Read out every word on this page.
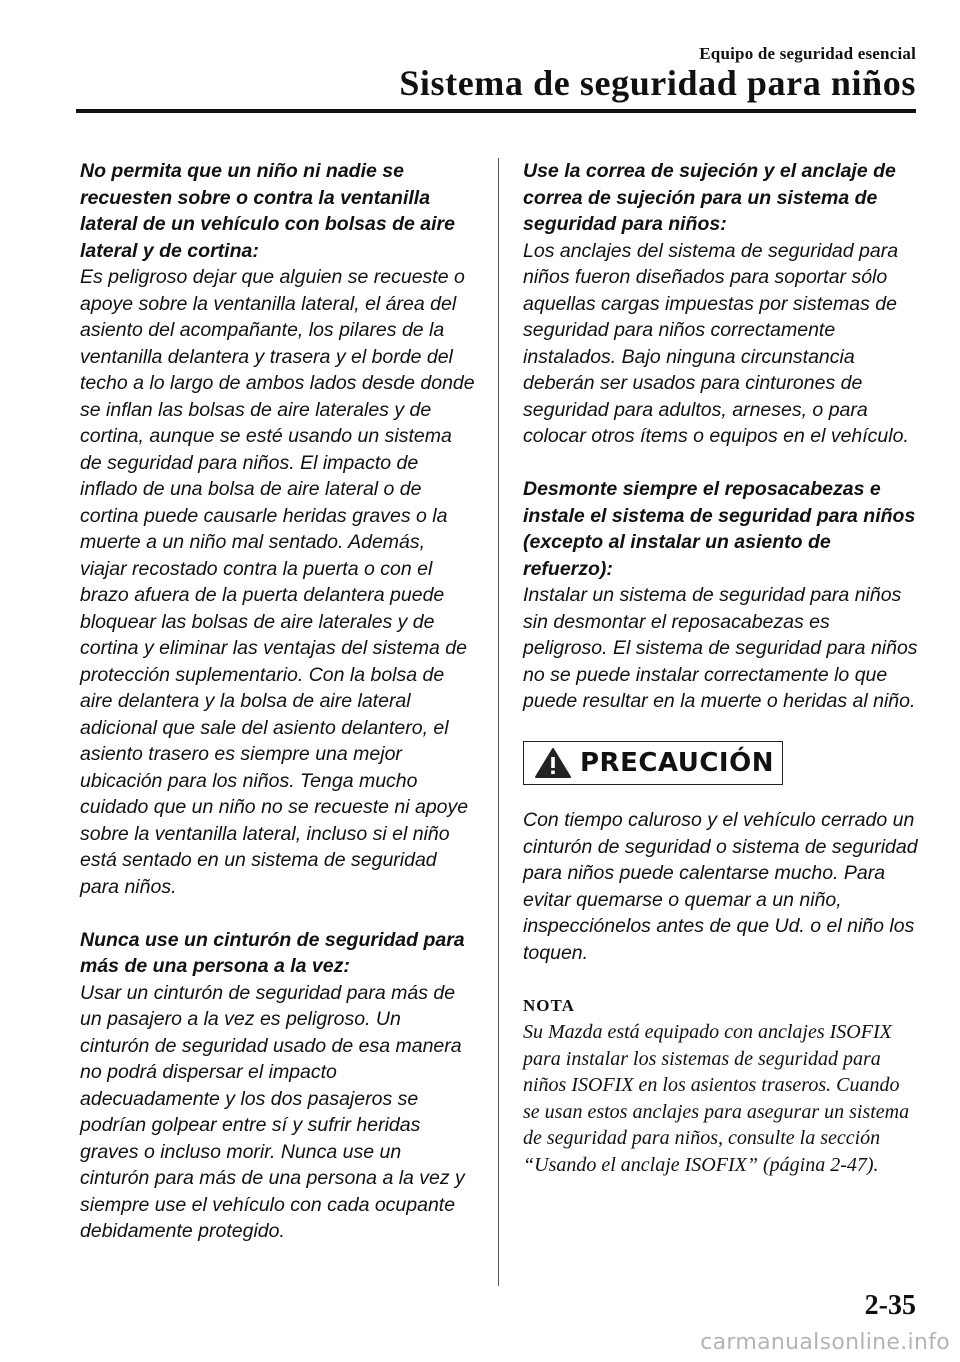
Equipo de seguridad esencial
Sistema de seguridad para niños
No permita que un niño ni nadie se recuesten sobre o contra la ventanilla lateral de un vehículo con bolsas de aire lateral y de cortina:
Es peligroso dejar que alguien se recueste o apoye sobre la ventanilla lateral, el área del asiento del acompañante, los pilares de la ventanilla delantera y trasera y el borde del techo a lo largo de ambos lados desde donde se inflan las bolsas de aire laterales y de cortina, aunque se esté usando un sistema de seguridad para niños. El impacto de inflado de una bolsa de aire lateral o de cortina puede causarle heridas graves o la muerte a un niño mal sentado. Además, viajar recostado contra la puerta o con el brazo afuera de la puerta delantera puede bloquear las bolsas de aire laterales y de cortina y eliminar las ventajas del sistema de protección suplementario. Con la bolsa de aire delantera y la bolsa de aire lateral adicional que sale del asiento delantero, el asiento trasero es siempre una mejor ubicación para los niños. Tenga mucho cuidado que un niño no se recueste ni apoye sobre la ventanilla lateral, incluso si el niño está sentado en un sistema de seguridad para niños.
Nunca use un cinturón de seguridad para más de una persona a la vez:
Usar un cinturón de seguridad para más de un pasajero a la vez es peligroso. Un cinturón de seguridad usado de esa manera no podrá dispersar el impacto adecuadamente y los dos pasajeros se podrían golpear entre sí y sufrir heridas graves o incluso morir. Nunca use un cinturón para más de una persona a la vez y siempre use el vehículo con cada ocupante debidamente protegido.
Use la correa de sujeción y el anclaje de correa de sujeción para un sistema de seguridad para niños:
Los anclajes del sistema de seguridad para niños fueron diseñados para soportar sólo aquellas cargas impuestas por sistemas de seguridad para niños correctamente instalados. Bajo ninguna circunstancia deberán ser usados para cinturones de seguridad para adultos, arneses, o para colocar otros ítems o equipos en el vehículo.
Desmonte siempre el reposacabezas e instale el sistema de seguridad para niños (excepto al instalar un asiento de refuerzo):
Instalar un sistema de seguridad para niños sin desmontar el reposacabezas es peligroso. El sistema de seguridad para niños no se puede instalar correctamente lo que puede resultar en la muerte o heridas al niño.
PRECAUCIÓN
Con tiempo caluroso y el vehículo cerrado un cinturón de seguridad o sistema de seguridad para niños puede calentarse mucho. Para evitar quemarse o quemar a un niño, inspecciónelos antes de que Ud. o el niño los toquen.
NOTA
Su Mazda está equipado con anclajes ISOFIX para instalar los sistemas de seguridad para niños ISOFIX en los asientos traseros. Cuando se usan estos anclajes para asegurar un sistema de seguridad para niños, consulte la sección “Usando el anclaje ISOFIX” (página 2-47).
2-35
carmanualsonline.info
